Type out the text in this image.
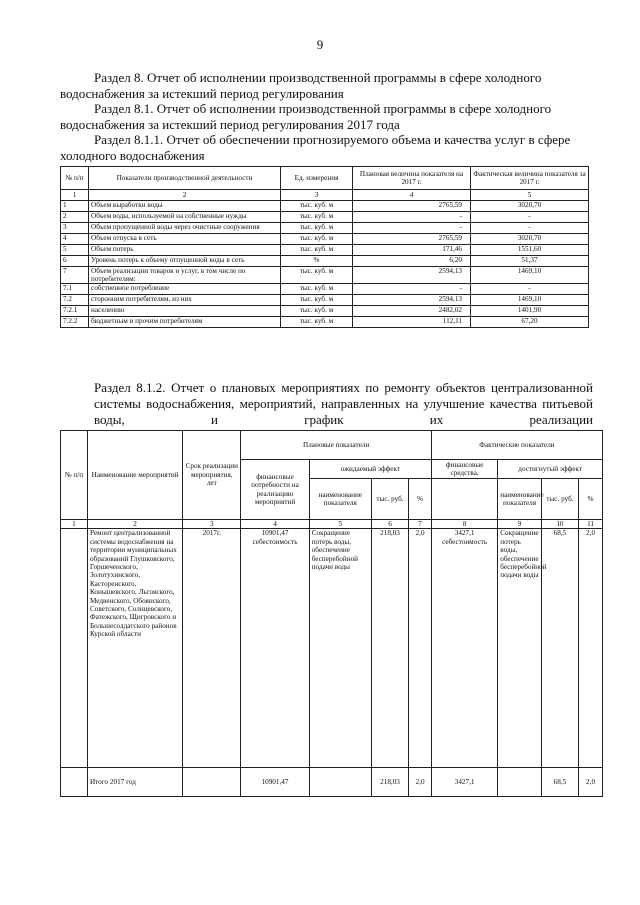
9
Раздел 8. Отчет об исполнении производственной программы в сфере холодного водоснабжения за истекший период регулирования
Раздел 8.1. Отчет об исполнении производственной программы в сфере холодного водоснабжения за истекший период регулирования 2017 года
Раздел 8.1.1. Отчет об обеспечении прогнозируемого объема и качества услуг в сфере холодного водоснабжения
№ п/п	Показатели производственной деятельности	Ед. измерения	Плановая величина показателя на 2017 г.	Фактическая величина показателя за 2017 г.
1	2	3	4	5
1	Объем выработки воды	тыс. куб. м	2765,59	3020,70
2	Объем воды, используемой на собственные нужды	тыс. куб. м	-	-
3	Объем пропущенной воды через очистные сооружения	тыс. куб. м	-	-
4	Объем отпуска в сеть	тыс. куб. м	2765,59	3020,70
5	Объем потерь	тыс. куб. м	171,46	1551,60
6	Уровень потерь к объему отпущенной воды в сеть	%	6,20	51,37
7	Объем реализации товаров и услуг, в том числе по потребителям:	тыс. куб. м	2594,13	1469,10
7.1	собственное потребление	тыс. куб. м	-	-
7.2	сторонним потребителям, из них	тыс. куб. м	2594,13	1469,10
7.2.1	населению	тыс. куб. м	2482,02	1401,90
7.2.2	бюджетным и прочим потребителям	тыс. куб. м	112,11	67,20
Раздел 8.1.2. Отчет о плановых мероприятиях по ремонту объектов централизованной системы водоснабжения, мероприятий, направленных на улучшение качества питьевой воды, и график их реализации
№ п/п	Наименование мероприятий	Срок реализации мероприятия, лет	Плановые показатели				Фактические показатели			
			финансовые потребности на реализацию мероприятий	ожидаемый эффект			финансовые средства,	достигнутый эффект		
				наименование показателя	тыс. руб.	%		наименование показателя	тыс. руб.	%

1	2	3	4	5	6	7	8	9	10	11
	Ремонт централизованной системы водоснабжения на территории муниципальных образований Глушковского, Горшеченского, Золотухинского, Касторенского, Конышевского, Льговского, Медвенского, Обоянского, Советского, Солнцевского, Фатежского, Щигровского и Большесолдатского районов Курской области	2017г.	10901,47 себестоимость	Сокращение потерь воды, обеспечение бесперебойной подачи воды	218,03	2,0	3427,1 себестоимость	Сокращение потерь воды, обеспечение бесперебойной подачи воды	68,5	2,0
	Итого 2017 год		10901,47		218,03	2,0	3427,1		68,5	2,0
